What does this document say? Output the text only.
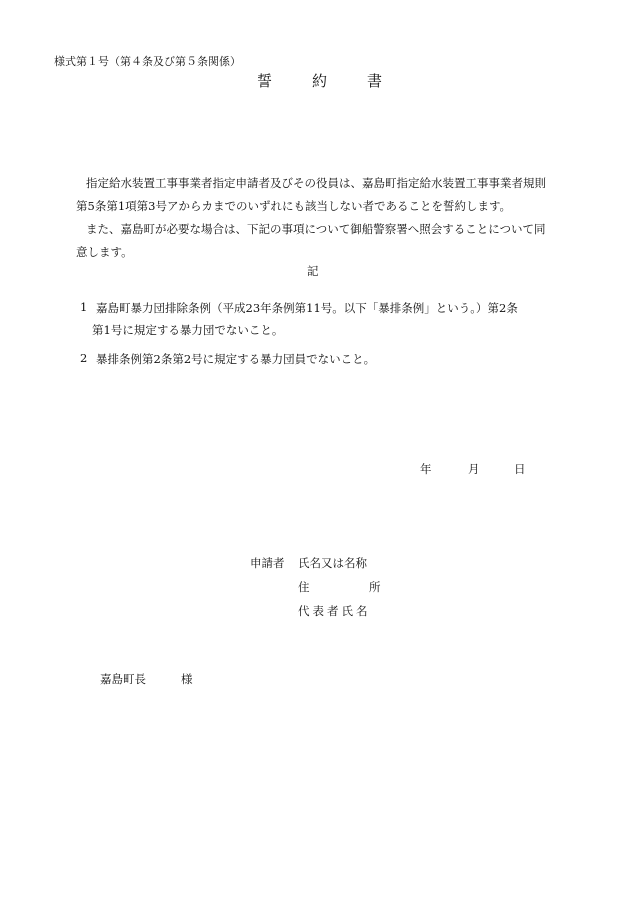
様式第１号（第４条及び第５条関係）
誓	約	書
指定給水装置工事事業者指定申請者及びその役員は、嘉島町指定給水装置工事事業者規則
第5条第1項第3号アからカまでのいずれにも該当しない者であることを誓約します。
また、嘉島町が必要な場合は、下記の事項について御船警察署へ照会することについて同
意します。
記
1 嘉島町暴力団排除条例（平成23年条例第11号。以下「暴排条例」という。）第2条
第1号に規定する暴力団でないこと。
2 暴排条例第2条第2号に規定する暴力団員でないこと。
年	月	日
申請者 氏名又は名称
住	所
代表者氏名
嘉島町長	様
